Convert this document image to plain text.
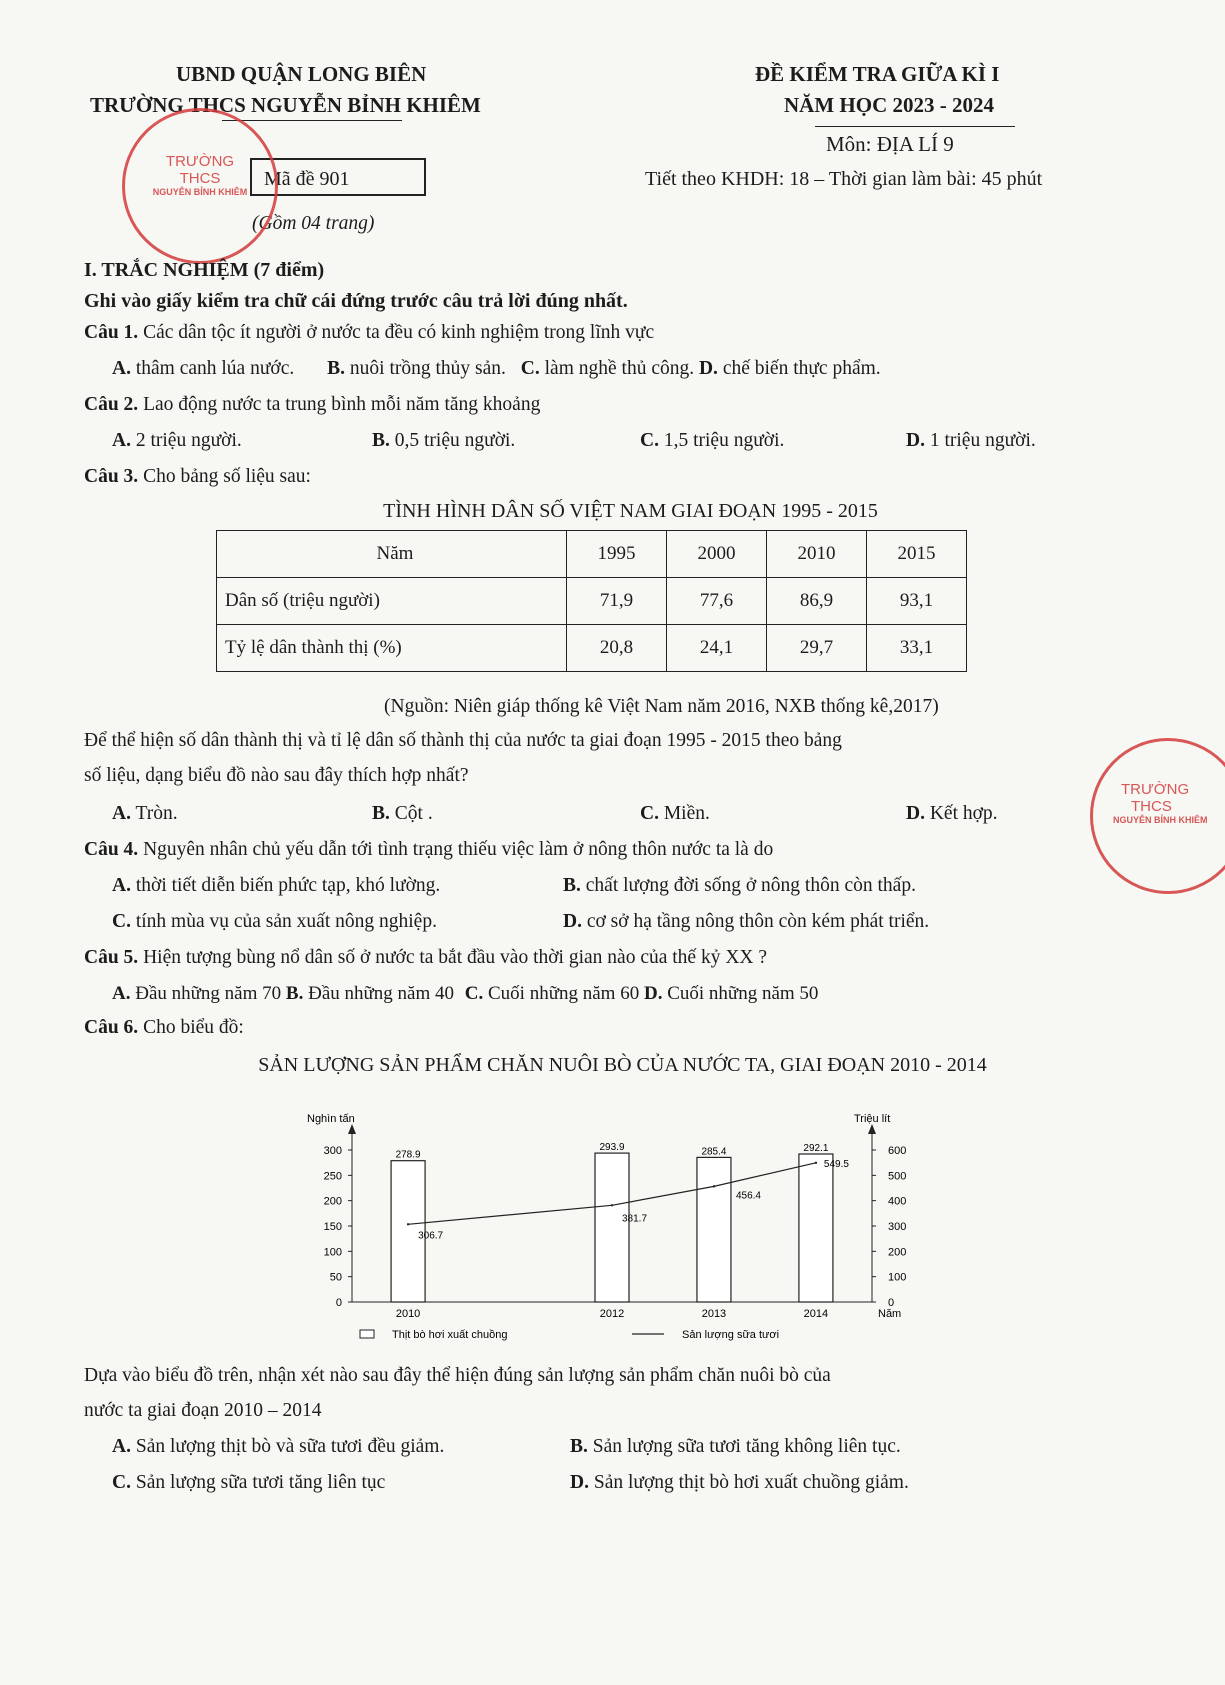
UBND QUẬN LONG BIÊN
TRƯỜNG THCS NGUYỄN BỈNH KHIÊM
ĐỀ KIỂM TRA GIỮA KÌ I
NĂM HỌC 2023 - 2024
Môn: ĐỊA LÍ 9
Mã đề 901	Tiết theo KHDH: 18 – Thời gian làm bài: 45 phút
(Gồm 04 trang)
TRƯỜNG
THCS
NGUYỄN BỈNH KHIÊM
TRƯỜNG
THCS
NGUYỄN BỈNH KHIÊM
I. TRẮC NGHIỆM (7 điểm)
Ghi vào giấy kiểm tra chữ cái đứng trước câu trả lời đúng nhất.
Câu 1. Các dân tộc ít người ở nước ta đều có kinh nghiệm trong lĩnh vực
A. thâm canh lúa nước. B. nuôi trồng thủy sản. C. làm nghề thủ công. D. chế biến thực phẩm.
Câu 2. Lao động nước ta trung bình mỗi năm tăng khoảng
A. 2 triệu người.	B. 0,5 triệu người.	C. 1,5 triệu người.	D. 1 triệu người.
Câu 3. Cho bảng số liệu sau:
TÌNH HÌNH DÂN SỐ VIỆT NAM GIAI ĐOẠN 1995 - 2015
Năm	1995	2000	2010	2015
Dân số (triệu người)	71,9	77,6	86,9	93,1
Tỷ lệ dân thành thị (%)	20,8	24,1	29,7	33,1
(Nguồn: Niên giáp thống kê Việt Nam năm 2016, NXB thống kê,2017)
Để thể hiện số dân thành thị và tỉ lệ dân số thành thị của nước ta giai đoạn 1995 - 2015 theo bảng
số liệu, dạng biểu đồ nào sau đây thích hợp nhất?
A. Tròn.	B. Cột .	C. Miền.	D. Kết hợp.
Câu 4. Nguyên nhân chủ yếu dẫn tới tình trạng thiếu việc làm ở nông thôn nước ta là do
A. thời tiết diễn biến phức tạp, khó lường.	B. chất lượng đời sống ở nông thôn còn thấp.
C. tính mùa vụ của sản xuất nông nghiệp.	D. cơ sở hạ tầng nông thôn còn kém phát triển.
Câu 5. Hiện tượng bùng nổ dân số ở nước ta bắt đầu vào thời gian nào của thế kỷ XX ?
A. Đầu những năm 70 B. Đầu những năm 40 C. Cuối những năm 60 D. Cuối những năm 50
Câu 6. Cho biểu đồ:
SẢN LƯỢNG SẢN PHẨM CHĂN NUÔI BÒ CỦA NƯỚC TA, GIAI ĐOẠN 2010 - 2014
Nghìn tấn	Triệu lít
Năm
0
50
100
150
200
250
300
0
100
200
300
400
500
600
278.9
2010
293.9
2012
285.4
2013
292.1
2014
306.7
381.7
456.4
549.5
Thịt bò hơi xuất chuồng	Sản lượng sữa tươi
Dựa vào biểu đồ trên, nhận xét nào sau đây thể hiện đúng sản lượng sản phẩm chăn nuôi bò của
nước ta giai đoạn 2010 – 2014
A. Sản lượng thịt bò và sữa tươi đều giảm.	B. Sản lượng sữa tươi tăng không liên tục.
C. Sản lượng sữa tươi tăng liên tục	D. Sản lượng thịt bò hơi xuất chuồng giảm.
